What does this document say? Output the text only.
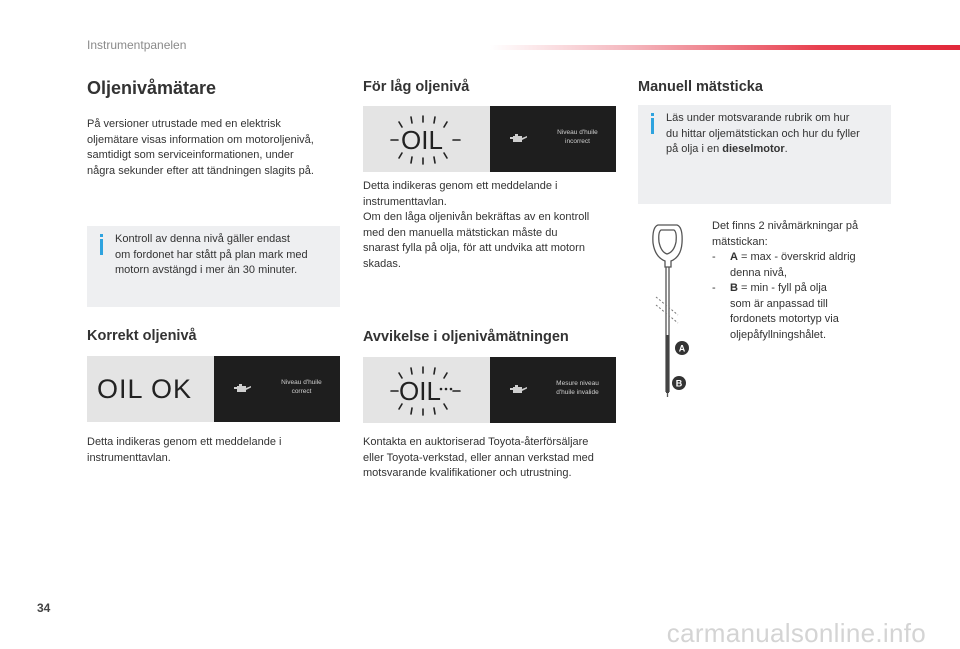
Instrumentpanelen
Oljenivåmätare
På versioner utrustade med en elektrisk
oljemätare visas information om motoroljenivå,
samtidigt som serviceinformationen, under
några sekunder efter att tändningen slagits på.
Kontroll av denna nivå gäller endast
om fordonet har stått på plan mark med
motorn avstängd i mer än 30 minuter.
Korrekt oljenivå
OIL OK	Niveau d'huile
correct
Detta indikeras genom ett meddelande i
instrumenttavlan.
För låg oljenivå
OIL	Niveau d'huile
incorrect
Detta indikeras genom ett meddelande i
instrumenttavlan.
Om den låga oljenivån bekräftas av en kontroll
med den manuella mätstickan måste du
snarast fylla på olja, för att undvika att motorn
skadas.
Avvikelse i oljenivåmätningen
OIL	Mesure niveau
d'huile invalide
Kontakta en auktoriserad Toyota-återförsäljare
eller Toyota-verkstad, eller annan verkstad med
motsvarande kvalifikationer och utrustning.
Manuell mätsticka
Läs under motsvarande rubrik om hur
du hittar oljemätstickan och hur du fyller
på olja i en dieselmotor.
A
B
Det finns 2 nivåmärkningar på
mätstickan:
- A = max - överskrid aldrig
denna nivå,
- B = min - fyll på olja
som är anpassad till
fordonets motortyp via
oljepåfyllningshålet.
34
carmanualsonline.info
